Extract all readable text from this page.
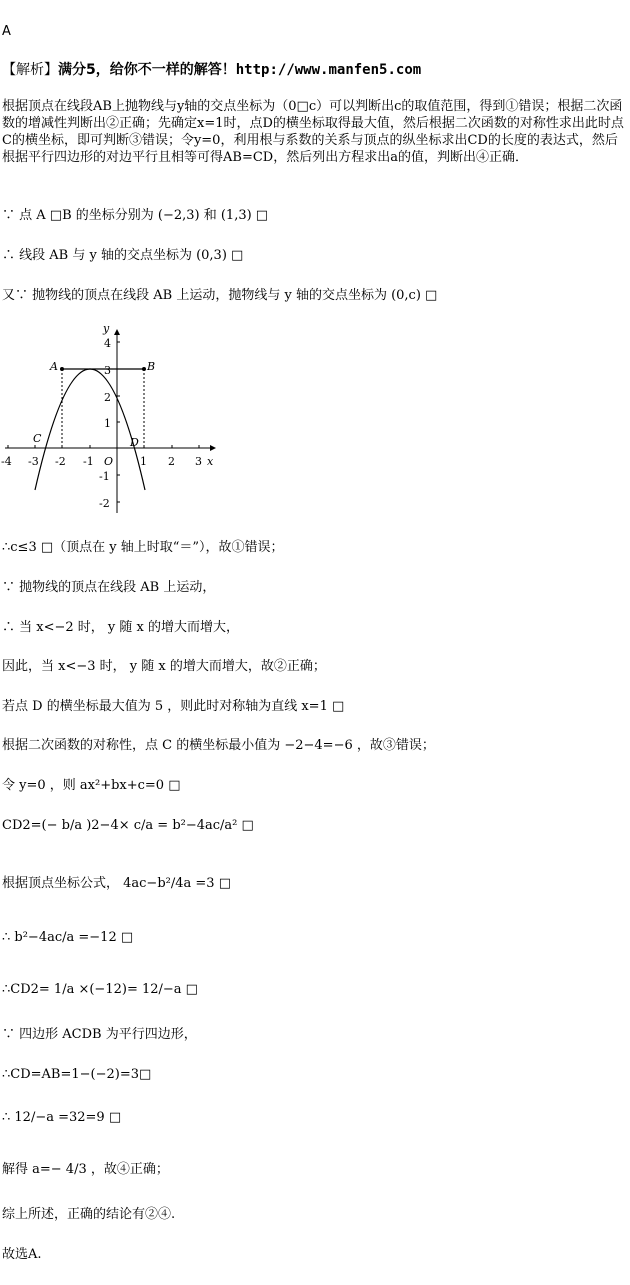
A
【解析】满分5，给你不一样的解答！http://www.manfen5.com
根据顶点在线段AB上抛物线与y轴的交点坐标为（0□c）可以判断出c的取值范围，得到①错误；根据二次函数的增减性判断出②正确；先确定x=1时，点D的横坐标取得最大值，然后根据二次函数的对称性求出此时点C的横坐标，即可判断③错误；令y=0，利用根与系数的关系与顶点的纵坐标求出CD的长度的表达式，然后根据平行四边形的对边平行且相等可得AB=CD，然后列出方程求出a的值，判断出④正确．
∵ 点 A □B 的坐标分别为 (−2,3) 和 (1,3) □
∴ 线段 AB 与 y 轴的交点坐标为 (0,3) □
又∵ 抛物线的顶点在线段 AB 上运动，抛物线与 y 轴的交点坐标为 (0,c) □
-4 -3 -2 -1	1 2 3 x
4
3
2
1
-1
-2
y
O
A	B
C	D
∴c≤3 □（顶点在 y 轴上时取“＝”），故①错误；
∵ 抛物线的顶点在线段 AB 上运动，
∴ 当 x<−2 时， y 随 x 的增大而增大，
因此，当 x<−3 时， y 随 x 的增大而增大，故②正确；
若点 D 的横坐标最大值为 5 ，则此时对称轴为直线 x=1 □
根据二次函数的对称性，点 C 的横坐标最小值为 −2−4=−6 ，故③错误；
令 y=0 ，则 ax²+bx+c=0 □
CD2=(− b/a )2−4× c/a = b²−4ac/a² □
根据顶点坐标公式， 4ac−b²/4a =3 □
∴ b²−4ac/a =−12 □
∴CD2= 1/a ×(−12)= 12/−a □
∵ 四边形 ACDB 为平行四边形，
∴CD=AB=1−(−2)=3□
∴ 12/−a =32=9 □
解得 a=− 4/3 ，故④正确；
综上所述，正确的结论有②④.
故选A.
